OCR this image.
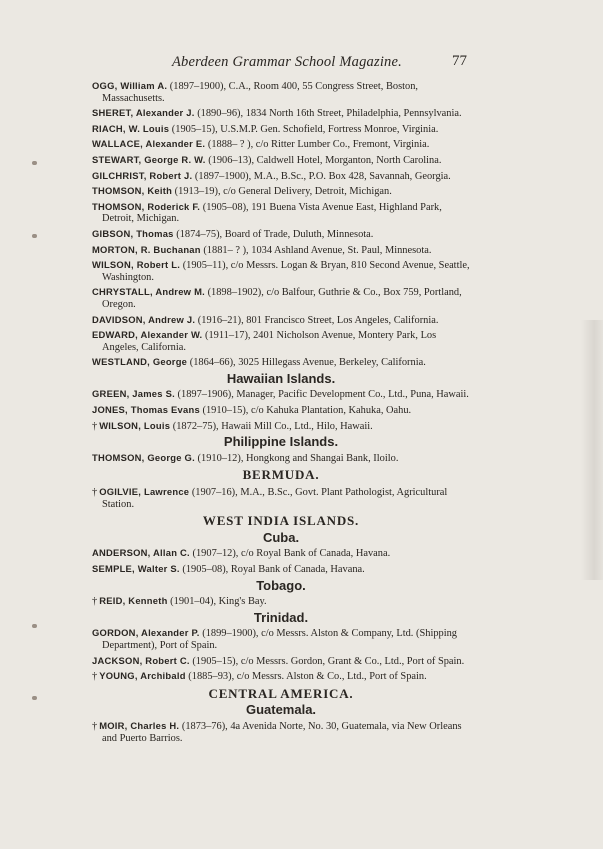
Aberdeen Grammar School Magazine.	77

OGG, William A. (1897–1900), C.A., Room 400, 55 Congress Street, Boston, Massachusetts.

SHERET, Alexander J. (1890–96), 1834 North 16th Street, Philadelphia, Pennsylvania.

RIACH, W. Louis (1905–15), U.S.M.P. Gen. Schofield, Fortress Monroe, Virginia.

WALLACE, Alexander E. (1888– ? ), c/o Ritter Lumber Co., Fremont, Virginia.

STEWART, George R. W. (1906–13), Caldwell Hotel, Morganton, North Carolina.

GILCHRIST, Robert J. (1897–1900), M.A., B.Sc., P.O. Box 428, Savannah, Georgia.

THOMSON, Keith (1913–19), c/o General Delivery, Detroit, Michigan.

THOMSON, Roderick F. (1905–08), 191 Buena Vista Avenue East, Highland Park, Detroit, Michigan.

GIBSON, Thomas (1874–75), Board of Trade, Duluth, Minnesota.

MORTON, R. Buchanan (1881– ? ), 1034 Ashland Avenue, St. Paul, Minnesota.

WILSON, Robert L. (1905–11), c/o Messrs. Logan & Bryan, 810 Second Avenue, Seattle, Washington.

CHRYSTALL, Andrew M. (1898–1902), c/o Balfour, Guthrie & Co., Box 759, Portland, Oregon.

DAVIDSON, Andrew J. (1916–21), 801 Francisco Street, Los Angeles, California.

EDWARD, Alexander W. (1911–17), 2401 Nicholson Avenue, Montery Park, Los Angeles, California.

WESTLAND, George (1864–66), 3025 Hillegass Avenue, Berkeley, California.

Hawaiian Islands.

GREEN, James S. (1897–1906), Manager, Pacific Development Co., Ltd., Puna, Hawaii.

JONES, Thomas Evans (1910–15), c/o Kahuka Plantation, Kahuka, Oahu.

† WILSON, Louis (1872–75), Hawaii Mill Co., Ltd., Hilo, Hawaii.

Philippine Islands.

THOMSON, George G. (1910–12), Hongkong and Shangai Bank, Iloilo.

BERMUDA.

† OGILVIE, Lawrence (1907–16), M.A., B.Sc., Govt. Plant Pathologist, Agricultural Station.

WEST INDIA ISLANDS.
Cuba.

ANDERSON, Allan C. (1907–12), c/o Royal Bank of Canada, Havana.

SEMPLE, Walter S. (1905–08), Royal Bank of Canada, Havana.

Tobago.

† REID, Kenneth (1901–04), King's Bay.

Trinidad.

GORDON, Alexander P. (1899–1900), c/o Messrs. Alston & Company, Ltd. (Shipping Department), Port of Spain.

JACKSON, Robert C. (1905–15), c/o Messrs. Gordon, Grant & Co., Ltd., Port of Spain.

† YOUNG, Archibald (1885–93), c/o Messrs. Alston & Co., Ltd., Port of Spain.

CENTRAL AMERICA.
Guatemala.

† MOIR, Charles H. (1873–76), 4a Avenida Norte, No. 30, Guatemala, via New Orleans and Puerto Barrios.
